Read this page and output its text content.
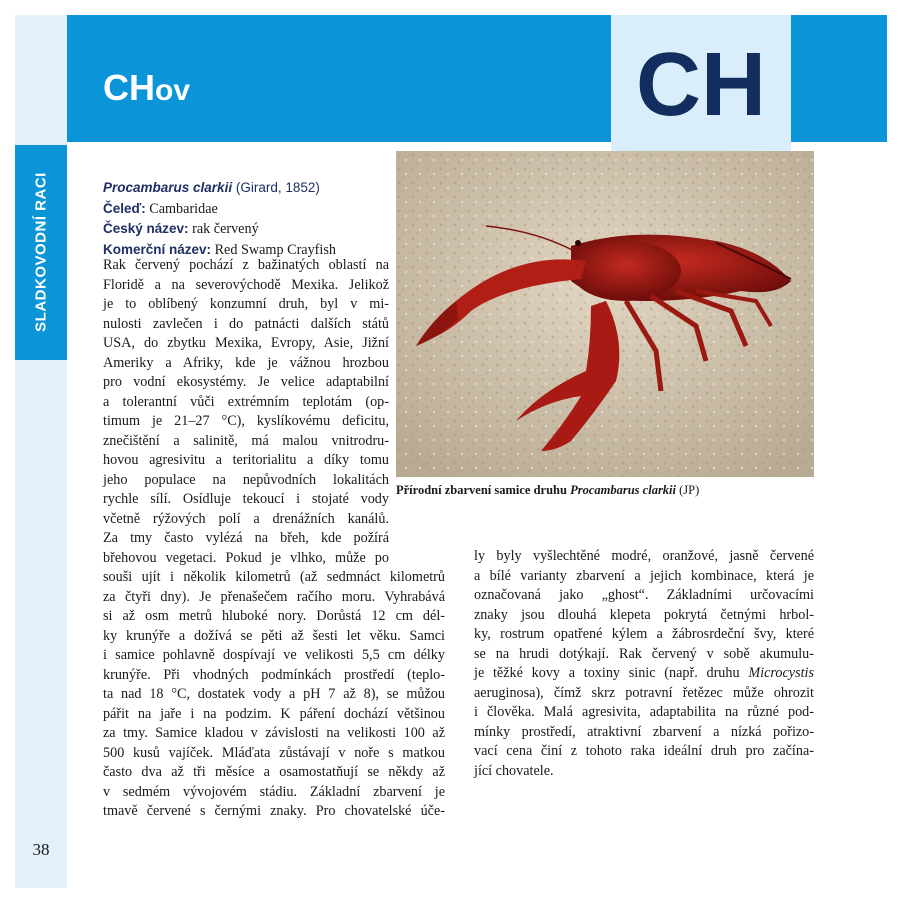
SLADKOVODNÍ RACI
38
CHov	CH
Přírodní zbarvení samice druhu Procambarus clarkii (JP)
Procambarus clarkii (Girard, 1852)
Čeleď: Cambaridae
Český název: rak červený
Komerční název: Red Swamp Crayfish
Rak červený pochází z bažinatých oblastí na
Floridě a na severovýchodě Mexika. Jelikož
je to oblíbený konzumní druh, byl v mi-
nulosti zavlečen i do patnácti dalších států
USA, do zbytku Mexika, Evropy, Asie, Jižní
Ameriky a Afriky, kde je vážnou hrozbou
pro vodní ekosystémy. Je velice adaptabilní
a tolerantní vůči extrémním teplotám (op-
timum je 21–27 °C), kyslíkovému deficitu,
znečištění a salinitě, má malou vnitrodru-
hovou agresivitu a teritorialitu a díky tomu
jeho populace na nepůvodních lokalitách
rychle sílí. Osídluje tekoucí i stojaté vody
včetně rýžových polí a drenážních kanálů.
Za tmy často vylézá na břeh, kde požírá
břehovou vegetaci. Pokud je vlhko, může po
souši ujít i několik kilometrů (až sedmnáct kilometrů
za čtyři dny). Je přenašečem račího moru. Vyhrabává
si až osm metrů hluboké nory. Dorůstá 12 cm dél-
ky krunýře a dožívá se pěti až šesti let věku. Samci
i samice pohlavně dospívají ve velikosti 5,5 cm délky
krunýře. Při vhodných podmínkách prostředí (teplo-
ta nad 18 °C, dostatek vody a pH 7 až 8), se můžou
pářit na jaře i na podzim. K páření dochází většinou
za tmy. Samice kladou v závislosti na velikosti 100 až
500 kusů vajíček. Mláďata zůstávají v noře s matkou
často dva až tři měsíce a osamostatňují se někdy až
v sedmém vývojovém stádiu. Základní zbarvení je
tmavě červené s černými znaky. Pro chovatelské úče-
ly byly vyšlechtěné modré, oranžové, jasně červené
a bílé varianty zbarvení a jejich kombinace, která je
označovaná jako „ghost“. Základními určovacími
znaky jsou dlouhá klepeta pokrytá četnými hrbol-
ky, rostrum opatřené kýlem a žábrosrdeční švy, které
se na hrudi dotýkají. Rak červený v sobě akumulu-
je těžké kovy a toxiny sinic (např. druhu Microcystis
aeruginosa), čímž skrz potravní řetězec může ohrozit
i člověka. Malá agresivita, adaptabilita na různé pod-
mínky prostředí, atraktivní zbarvení a nízká pořizo-
vací cena činí z tohoto raka ideální druh pro začína-
jící chovatele.
